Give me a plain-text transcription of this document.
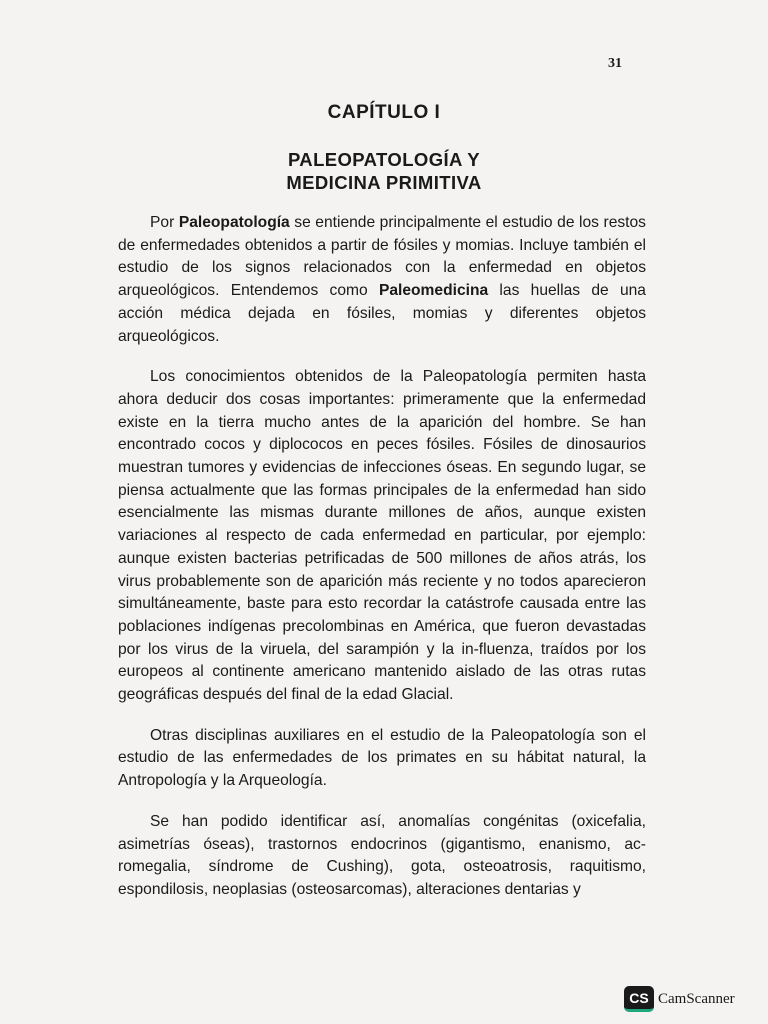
31
CAPÍTULO I
PALEOPATOLOGÍA Y
MEDICINA PRIMITIVA

Por Paleopatología se entiende principalmente el estudio de los restos de enfermedades obtenidos a partir de fósiles y momias. Incluye también el estudio de los signos relacionados con la enfermedad en objetos arqueológicos. Entendemos como Paleomedicina las huellas de una acción médica dejada en fósiles, momias y diferentes objetos arqueológicos.

Los conocimientos obtenidos de la Paleopatología permiten hasta ahora deducir dos cosas importantes: primeramente que la enfermedad existe en la tierra mucho antes de la aparición del hombre. Se han encontrado cocos y diplococos en peces fósiles. Fósiles de dinosaurios muestran tumores y evidencias de infecciones óseas. En segundo lugar, se piensa actualmente que las formas principales de la enfermedad han sido esencialmente las mismas durante millones de años, aunque existen variaciones al respecto de cada enfermedad en particular, por ejemplo: aunque existen bacterias petrificadas de 500 millones de años atrás, los virus probablemente son de aparición más reciente y no todos aparecieron simultáneamente, baste para esto recordar la catástrofe causada entre las poblaciones indígenas precolombinas en América, que fueron devastadas por los virus de la viruela, del sarampión y la in-fluenza, traídos por los europeos al continente americano mantenido aislado de las otras rutas geográficas después del final de la edad Glacial.

Otras disciplinas auxiliares en el estudio de la Paleopatología son el estudio de las enfermedades de los primates en su hábitat natural, la Antropología y la Arqueología.

Se han podido identificar así, anomalías congénitas (oxicefalia, asimetrías óseas), trastornos endocrinos (gigantismo, enanismo, ac-romegalia, síndrome de Cushing), gota, osteoatrosis, raquitismo, espondilosis, neoplasias (osteosarcomas), alteraciones dentarias y

CS CamScanner
